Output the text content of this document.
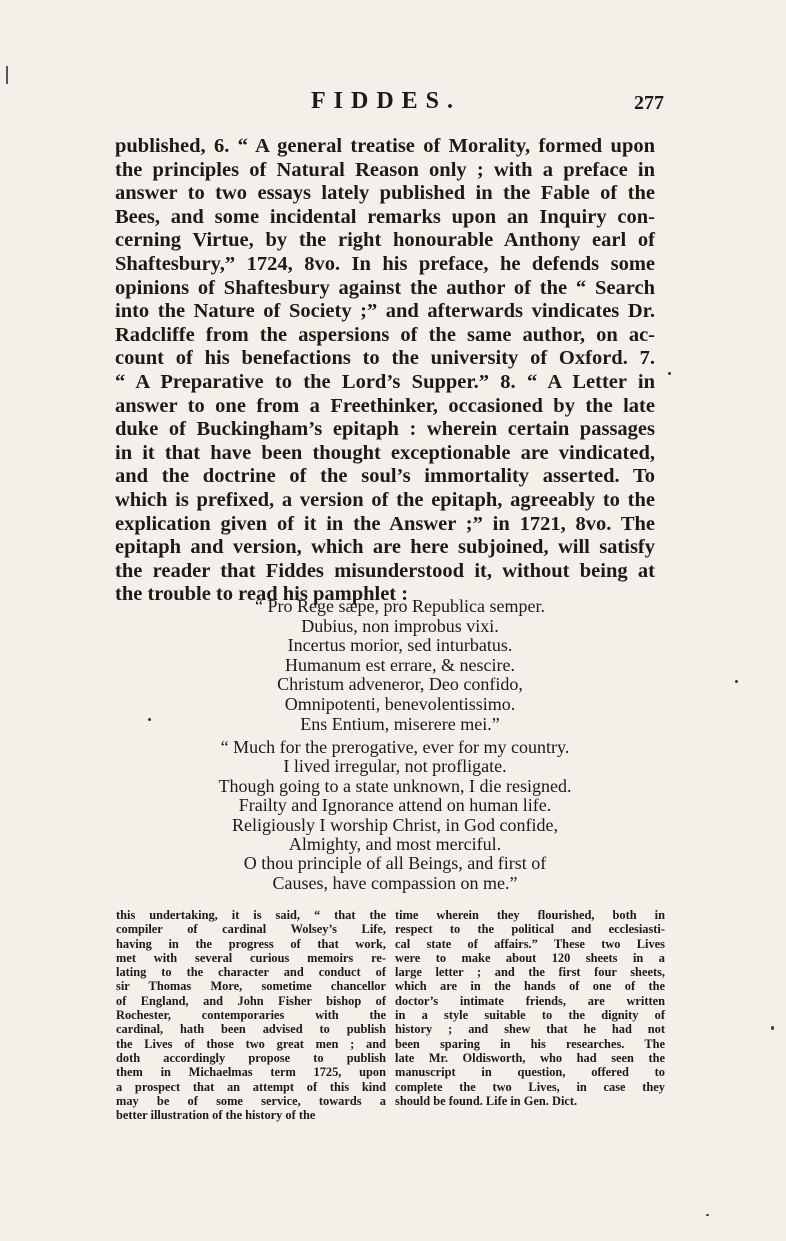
FIDDES.	277
published, 6. “ A general treatise of Morality, formed upon
the principles of Natural Reason only ; with a preface in
answer to two essays lately published in the Fable of the
Bees, and some incidental remarks upon an Inquiry con-
cerning Virtue, by the right honourable Anthony earl of
Shaftesbury,” 1724, 8vo. In his preface, he defends some
opinions of Shaftesbury against the author of the “ Search
into the Nature of Society ;” and afterwards vindicates Dr.
Radcliffe from the aspersions of the same author, on ac-
count of his benefactions to the university of Oxford. 7.
“ A Preparative to the Lord’s Supper.” 8. “ A Letter in
answer to one from a Freethinker, occasioned by the late
duke of Buckingham’s epitaph : wherein certain passages
in it that have been thought exceptionable are vindicated,
and the doctrine of the soul’s immortality asserted. To
which is prefixed, a version of the epitaph, agreeably to the
explication given of it in the Answer ;” in 1721, 8vo. The
epitaph and version, which are here subjoined, will satisfy
the reader that Fiddes misunderstood it, without being at
the trouble to read his pamphlet :
“ Pro Rege sæpe, pro Republica semper.
Dubius, non improbus vixi.
Incertus morior, sed inturbatus.
Humanum est errare, & nescire.
Christum adveneror, Deo confido,
Omnipotenti, benevolentissimo.
Ens Entium, miserere mei.”
“ Much for the prerogative, ever for my country.
I lived irregular, not profligate.
Though going to a state unknown, I die resigned.
Frailty and Ignorance attend on human life.
Religiously I worship Christ, in God confide,
Almighty, and most merciful.
O thou principle of all Beings, and first of
Causes, have compassion on me.”
this undertaking, it is said, “ that the
compiler of cardinal Wolsey’s Life,
having in the progress of that work,
met with several curious memoirs re-
lating to the character and conduct of
sir Thomas More, sometime chancellor
of England, and John Fisher bishop of
Rochester, contemporaries with the
cardinal, hath been advised to publish
the Lives of those two great men ; and
doth accordingly propose to publish
them in Michaelmas term 1725, upon
a prospect that an attempt of this kind
may be of some service, towards a
better illustration of the history of the
time wherein they flourished, both in
respect to the political and ecclesiasti-
cal state of affairs.” These two Lives
were to make about 120 sheets in a
large letter ; and the first four sheets,
which are in the hands of one of the
doctor’s intimate friends, are written
in a style suitable to the dignity of
history ; and shew that he had not
been sparing in his researches. The
late Mr. Oldisworth, who had seen the
manuscript in question, offered to
complete the two Lives, in case they
should be found. Life in Gen. Dict.
